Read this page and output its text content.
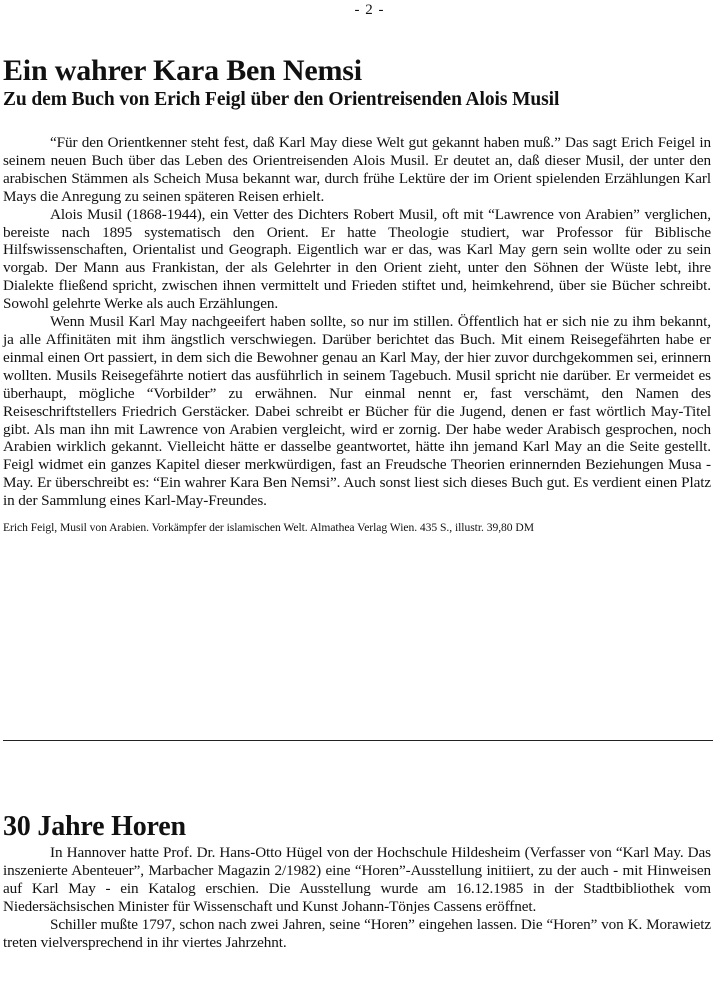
- 2 -
Ein wahrer Kara Ben Nemsi
Zu dem Buch von Erich Feigl über den Orientreisenden Alois Musil

“Für den Orientkenner steht fest, daß Karl May diese Welt gut gekannt haben muß.” Das sagt Erich Feigel in seinem neuen Buch über das Leben des Orientreisenden Alois Musil. Er deutet an, daß dieser Musil, der unter den arabischen Stämmen als Scheich Musa bekannt war, durch frühe Lektüre der im Orient spielenden Erzählungen Karl Mays die Anregung zu seinen späteren Reisen erhielt.

Alois Musil (1868-1944), ein Vetter des Dichters Robert Musil, oft mit “Lawrence von Arabien” verglichen, bereiste nach 1895 systematisch den Orient. Er hatte Theologie studiert, war Professor für Biblische Hilfswissenschaften, Orientalist und Geograph. Eigentlich war er das, was Karl May gern sein wollte oder zu sein vorgab. Der Mann aus Frankistan, der als Gelehrter in den Orient zieht, unter den Söhnen der Wüste lebt, ihre Dialekte fließend spricht, zwischen ihnen vermittelt und Frieden stiftet und, heimkehrend, über sie Bücher schreibt. Sowohl gelehrte Werke als auch Erzählungen.

Wenn Musil Karl May nachgeeifert haben sollte, so nur im stillen. Öffentlich hat er sich nie zu ihm bekannt, ja alle Affinitäten mit ihm ängstlich verschwiegen. Darüber berichtet das Buch. Mit einem Reisegefährten habe er einmal einen Ort passiert, in dem sich die Bewohner genau an Karl May, der hier zuvor durchgekommen sei, erinnern wollten. Musils Reisegefährte notiert das ausführlich in seinem Tagebuch. Musil spricht nie darüber. Er vermeidet es überhaupt, mögliche “Vorbilder” zu erwähnen. Nur einmal nennt er, fast verschämt, den Namen des Reiseschriftstellers Friedrich Gerstäcker. Dabei schreibt er Bücher für die Jugend, denen er fast wörtlich May-Titel gibt. Als man ihn mit Lawrence von Arabien vergleicht, wird er zornig. Der habe weder Arabisch gesprochen, noch Arabien wirklich gekannt. Vielleicht hätte er dasselbe geantwortet, hätte ihn jemand Karl May an die Seite gestellt. Feigl widmet ein ganzes Kapitel dieser merkwürdigen, fast an Freudsche Theorien erinnernden Beziehungen Musa - May. Er überschreibt es: “Ein wahrer Kara Ben Nemsi”. Auch sonst liest sich dieses Buch gut. Es verdient einen Platz in der Sammlung eines Karl-May-Freundes.

Erich Feigl, Musil von Arabien. Vorkämpfer der islamischen Welt. Almathea Verlag Wien. 435 S., illustr. 39,80 DM
30 Jahre Horen

In Hannover hatte Prof. Dr. Hans-Otto Hügel von der Hochschule Hildesheim (Verfasser von “Karl May. Das inszenierte Abenteuer”, Marbacher Magazin 2/1982) eine “Horen”-Ausstellung initiiert, zu der auch - mit Hinweisen auf Karl May - ein Katalog erschien. Die Ausstellung wurde am 16.12.1985 in der Stadtbibliothek vom Niedersächsischen Minister für Wissenschaft und Kunst Johann-Tönjes Cassens eröffnet.

Schiller mußte 1797, schon nach zwei Jahren, seine “Horen” eingehen lassen. Die “Horen” von K. Morawietz treten vielversprechend in ihr viertes Jahrzehnt.
